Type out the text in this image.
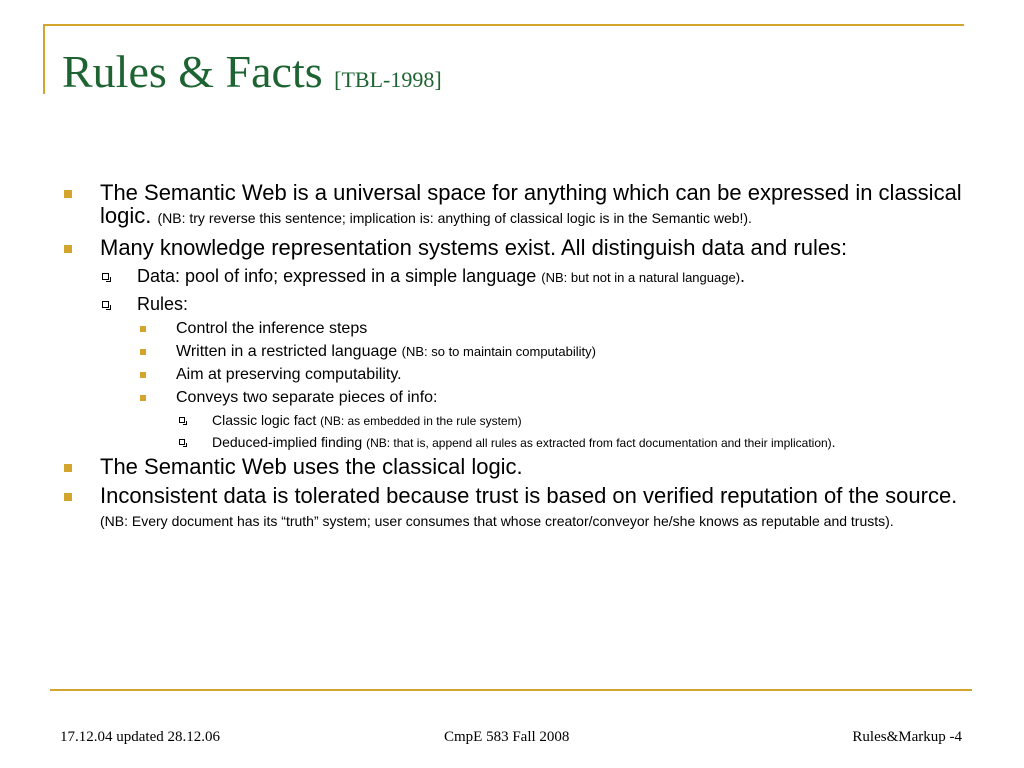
Rules & Facts [TBL-1998]
The Semantic Web is a universal space for anything which can be expressed in classical logic. (NB: try reverse this sentence; implication is: anything of classical logic is in the Semantic web!).
Many knowledge representation systems exist. All distinguish data and rules:
Data: pool of info; expressed in a simple language (NB: but not in a natural language).
Rules:
Control the inference steps
Written in a restricted language (NB: so to maintain computability)
Aim at preserving computability.
Conveys two separate pieces of info:
Classic logic fact (NB: as embedded in the rule system)
Deduced-implied finding (NB: that is, append all rules as extracted from fact documentation and their implication).
The Semantic Web uses the classical logic.
Inconsistent data is tolerated because trust is based on verified reputation of the source. (NB: Every document has its “truth” system; user consumes that whose creator/conveyor he/she knows as reputable and trusts).
17.12.04 updated 28.12.06	CmpE 583 Fall 2008	Rules&Markup -4
